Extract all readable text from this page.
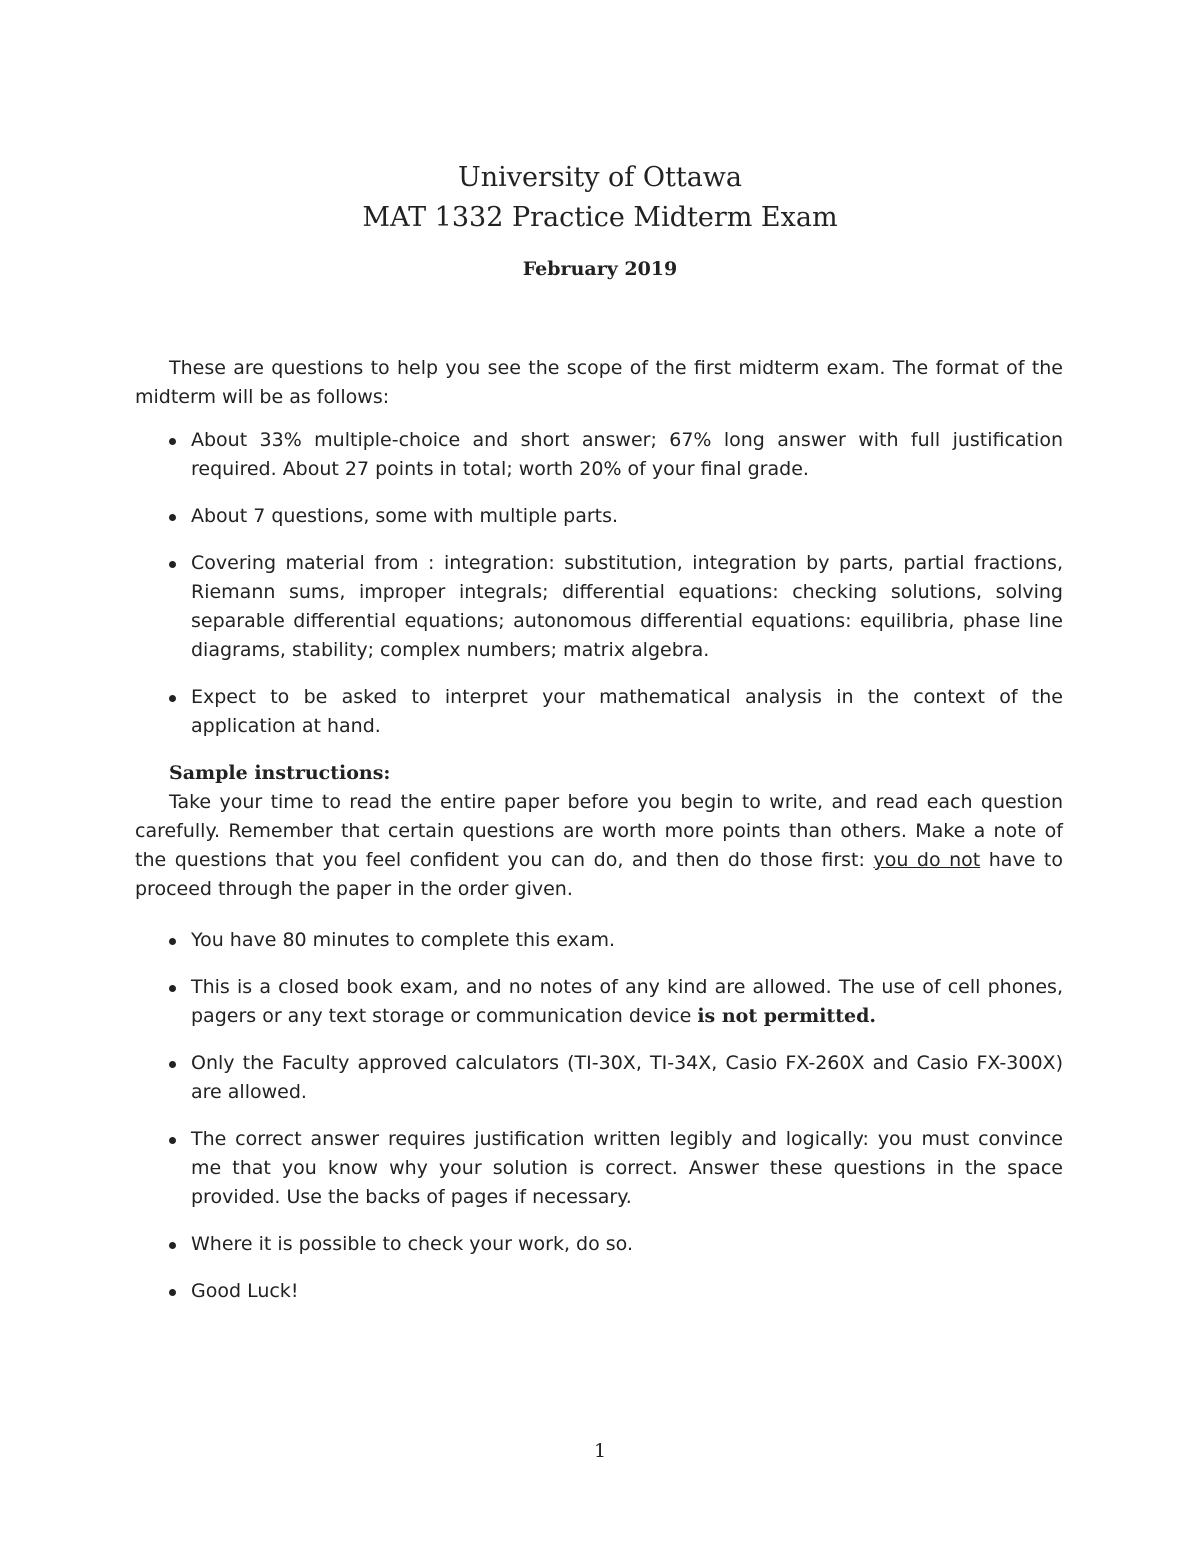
University of Ottawa

MAT 1332 Practice Midterm Exam

February 2019

These are questions to help you see the scope of the first midterm exam. The format of the midterm will be as follows:

About 33% multiple-choice and short answer; 67% long answer with full justification required. About 27 points in total; worth 20% of your final grade.
About 7 questions, some with multiple parts.
Covering material from : integration: substitution, integration by parts, partial fractions, Riemann sums, improper integrals; differential equations: checking solutions, solving separable differential equations; autonomous differential equations: equilibria, phase line diagrams, stability; complex numbers; matrix algebra.
Expect to be asked to interpret your mathematical analysis in the context of the application at hand.
Sample instructions:

Take your time to read the entire paper before you begin to write, and read each question carefully. Remember that certain questions are worth more points than others. Make a note of the questions that you feel confident you can do, and then do those first: you do not have to proceed through the paper in the order given.

You have 80 minutes to complete this exam.
This is a closed book exam, and no notes of any kind are allowed. The use of cell phones, pagers or any text storage or communication device is not permitted.
Only the Faculty approved calculators (TI-30X, TI-34X, Casio FX-260X and Casio FX-300X) are allowed.
The correct answer requires justification written legibly and logically: you must convince me that you know why your solution is correct. Answer these questions in the space provided. Use the backs of pages if necessary.
Where it is possible to check your work, do so.
Good Luck!
1
